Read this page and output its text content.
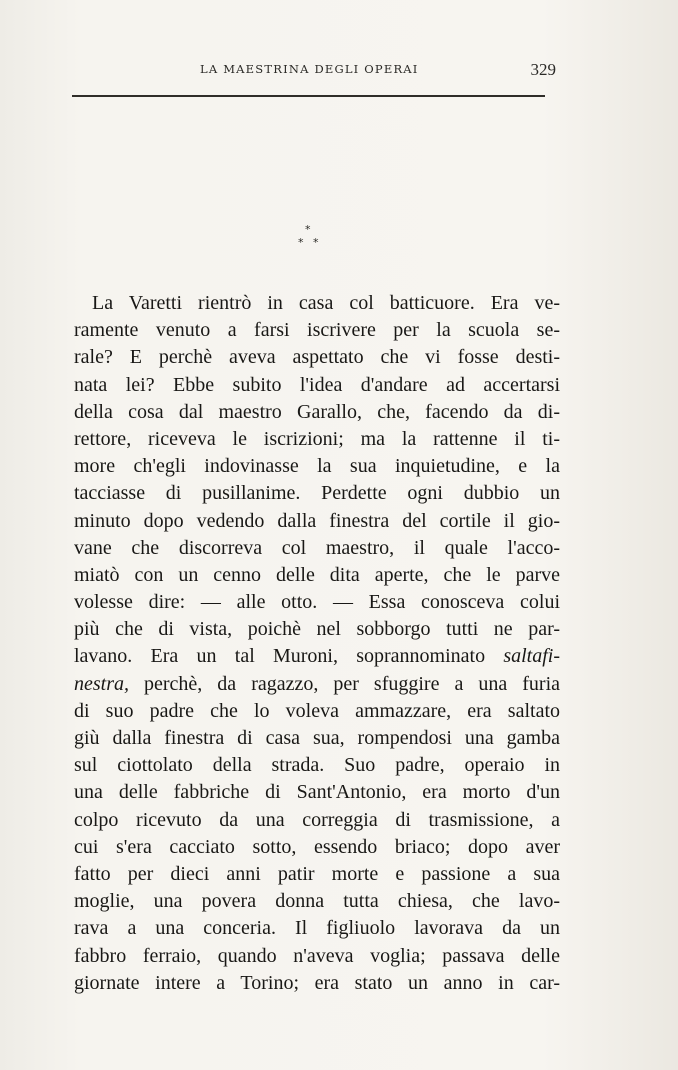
LA MAESTRINA DEGLI OPERAI	329
*
* *
La Varetti rientrò in casa col batticuore. Era ve-
ramente venuto a farsi iscrivere per la scuola se-
rale? E perchè aveva aspettato che vi fosse desti-
nata lei? Ebbe subito l'idea d'andare ad accertarsi
della cosa dal maestro Garallo, che, facendo da di-
rettore, riceveva le iscrizioni; ma la rattenne il ti-
more ch'egli indovinasse la sua inquietudine, e la
tacciasse di pusillanime. Perdette ogni dubbio un
minuto dopo vedendo dalla finestra del cortile il gio-
vane che discorreva col maestro, il quale l'acco-
miatò con un cenno delle dita aperte, che le parve
volesse dire: — alle otto. — Essa conosceva colui
più che di vista, poichè nel sobborgo tutti ne par-
lavano. Era un tal Muroni, soprannominato saltafi-
nestra, perchè, da ragazzo, per sfuggire a una furia
di suo padre che lo voleva ammazzare, era saltato
giù dalla finestra di casa sua, rompendosi una gamba
sul ciottolato della strada. Suo padre, operaio in
una delle fabbriche di Sant'Antonio, era morto d'un
colpo ricevuto da una correggia di trasmissione, a
cui s'era cacciato sotto, essendo briaco; dopo aver
fatto per dieci anni patir morte e passione a sua
moglie, una povera donna tutta chiesa, che lavo-
rava a una conceria. Il figliuolo lavorava da un
fabbro ferraio, quando n'aveva voglia; passava delle
giornate intere a Torino; era stato un anno in car-
